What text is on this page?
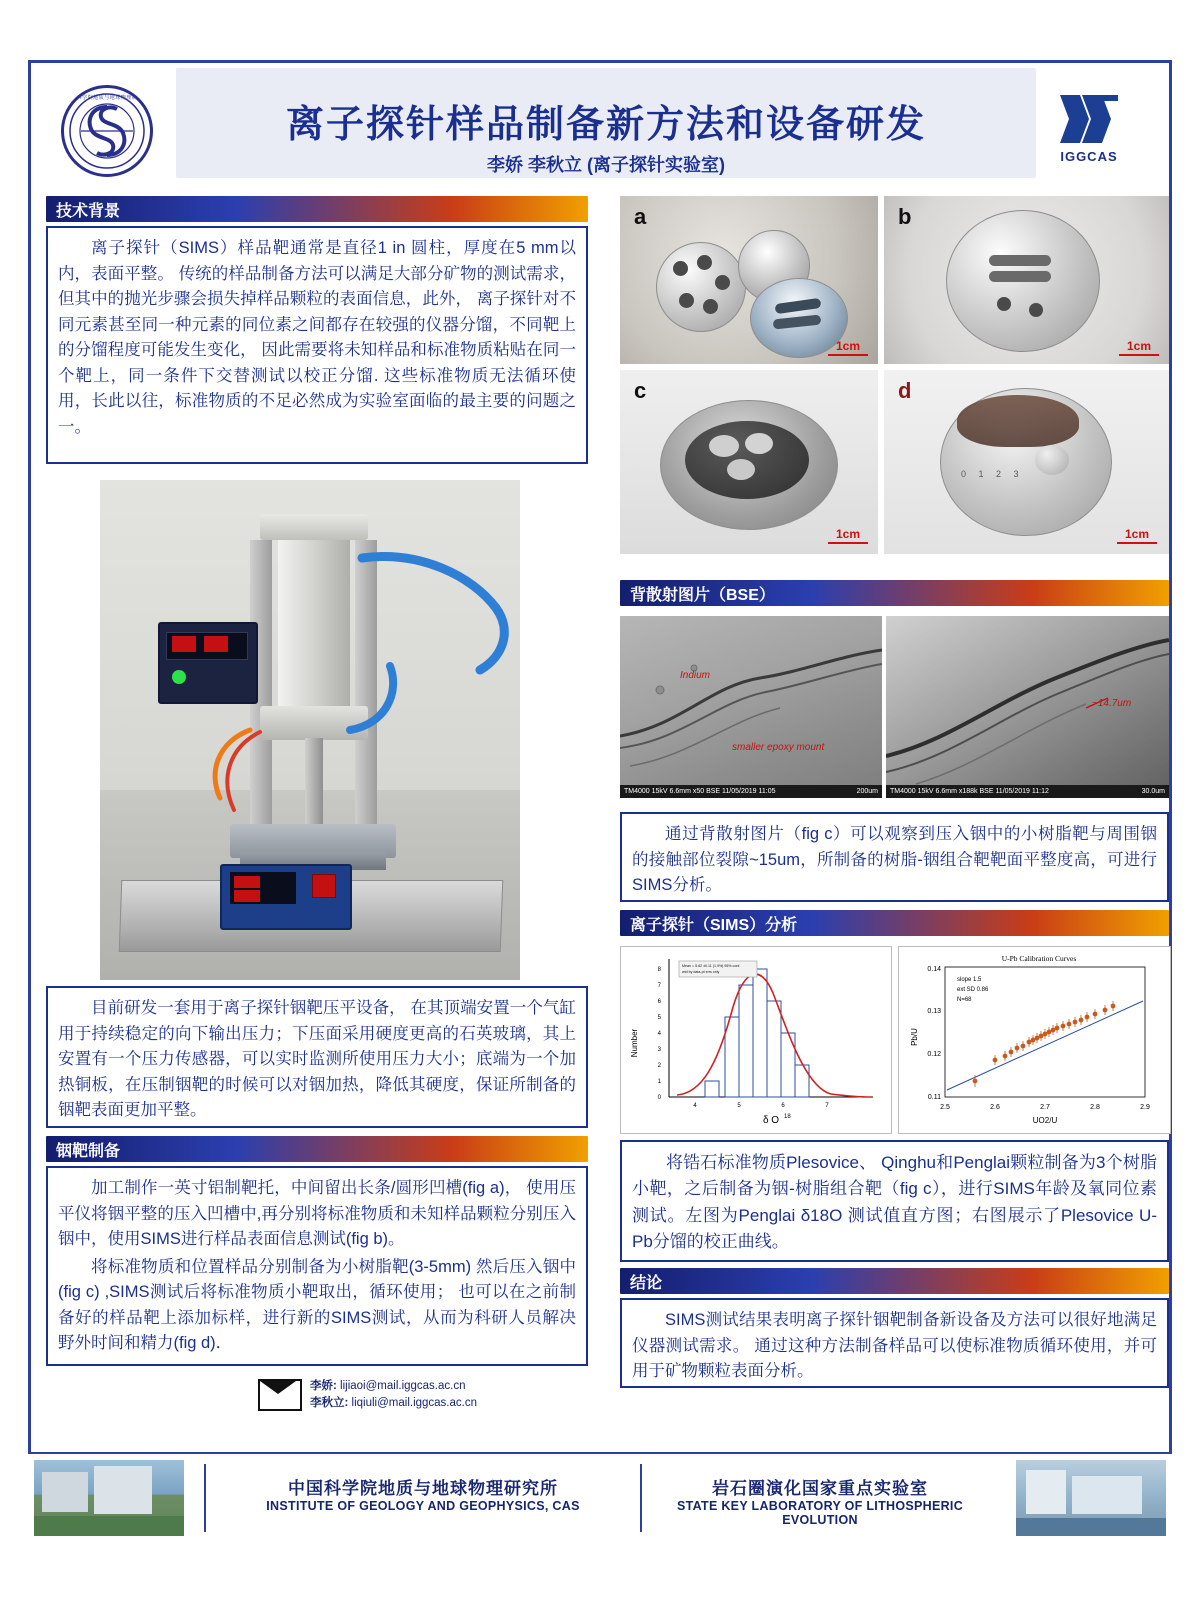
中国科学院地质与地球物理研究所
离子探针样品制备新方法和设备研发
李娇 李秋立 (离子探针实验室)	IGGCAS
技术背景

离子探针（SIMS）样品靶通常是直径1 in 圆柱，厚度在5 mm以内，表面平整。 传统的样品制备方法可以满足大部分矿物的测试需求，但其中的抛光步骤会损失掉样品颗粒的表面信息，此外， 离子探针对不同元素甚至同一种元素的同位素之间都存在较强的仪器分馏，不同靶上的分馏程度可能发生变化， 因此需要将未知样品和标准物质粘贴在同一个靶上，同一条件下交替测试以校正分馏. 这些标准物质无法循环使用，长此以往，标准物质的不足必然成为实验室面临的最主要的问题之一。

目前研发一套用于离子探针铟靶压平设备， 在其顶端安置一个气缸用于持续稳定的向下输出压力；下压面采用硬度更高的石英玻璃，其上安置有一个压力传感器，可以实时监测所使用压力大小；底端为一个加热铜板，在压制铟靶的时候可以对铟加热，降低其硬度，保证所制备的铟靶表面更加平整。

铟靶制备

加工制作一英寸铝制靶托，中间留出长条/圆形凹槽(fig a)， 使用压平仪将铟平整的压入凹槽中,再分别将标准物质和未知样品颗粒分别压入铟中，使用SIMS进行样品表面信息测试(fig b)。

将标准物质和位置样品分别制备为小树脂靶(3-5mm) 然后压入铟中(fig c) ,SIMS测试后将标准物质小靶取出，循环使用； 也可以在之前制备好的样品靶上添加标样，进行新的SIMS测试，从而为科研人员解决野外时间和精力(fig d)．

李娇: lijiaoi@mail.iggcas.ac.cn
李秋立: liqiuli@mail.iggcas.ac.cn
a
1cm
b
1cm
c
1cm
0 1 2 3
d
1cm
背散射图片（BSE）
Indium
smaller epoxy mount
TM4000 15kV 6.6mm x50 BSE 11/05/2019 11:05	200um
~14.7um
TM4000 15kV 6.6mm x188k BSE 11/05/2019 11:12	30.0um

通过背散射图片（fig c）可以观察到压入铟中的小树脂靶与周围铟的接触部位裂隙~15um，所制备的树脂-铟组合靶靶面平整度高，可进行SIMS分析。

离子探针（SIMS）分析
0
1
2
3
4
5
6
7
8
4	5	6	7
Number
δ O 18
Mean = 5.62 ±0.11 (1.9%) 95% conf.
wtd by data-pt errs only
U-Pb Calibration Curves
0.11
0.12
0.13
0.14
2.5	2.6	2.7	2.8	2.9
Pb/U
UO2/U
slope 1.5
ext SD 0.86
N=68

将锆石标准物质Plesovice、 Qinghu和Penglai颗粒制备为3个树脂小靶，之后制备为铟-树脂组合靶（fig c），进行SIMS年龄及氧同位素测试。左图为Penglai δ18O 测试值直方图；右图展示了Plesovice U-Pb分馏的校正曲线。

结论

SIMS测试结果表明离子探针铟靶制备新设备及方法可以很好地满足仪器测试需求。 通过这种方法制备样品可以使标准物质循环使用，并可用于矿物颗粒表面分析。

中国科学院地质与地球物理研究所
INSTITUTE OF GEOLOGY AND GEOPHYSICS, CAS
岩石圈演化国家重点实验室
STATE KEY LABORATORY OF LITHOSPHERIC EVOLUTION
